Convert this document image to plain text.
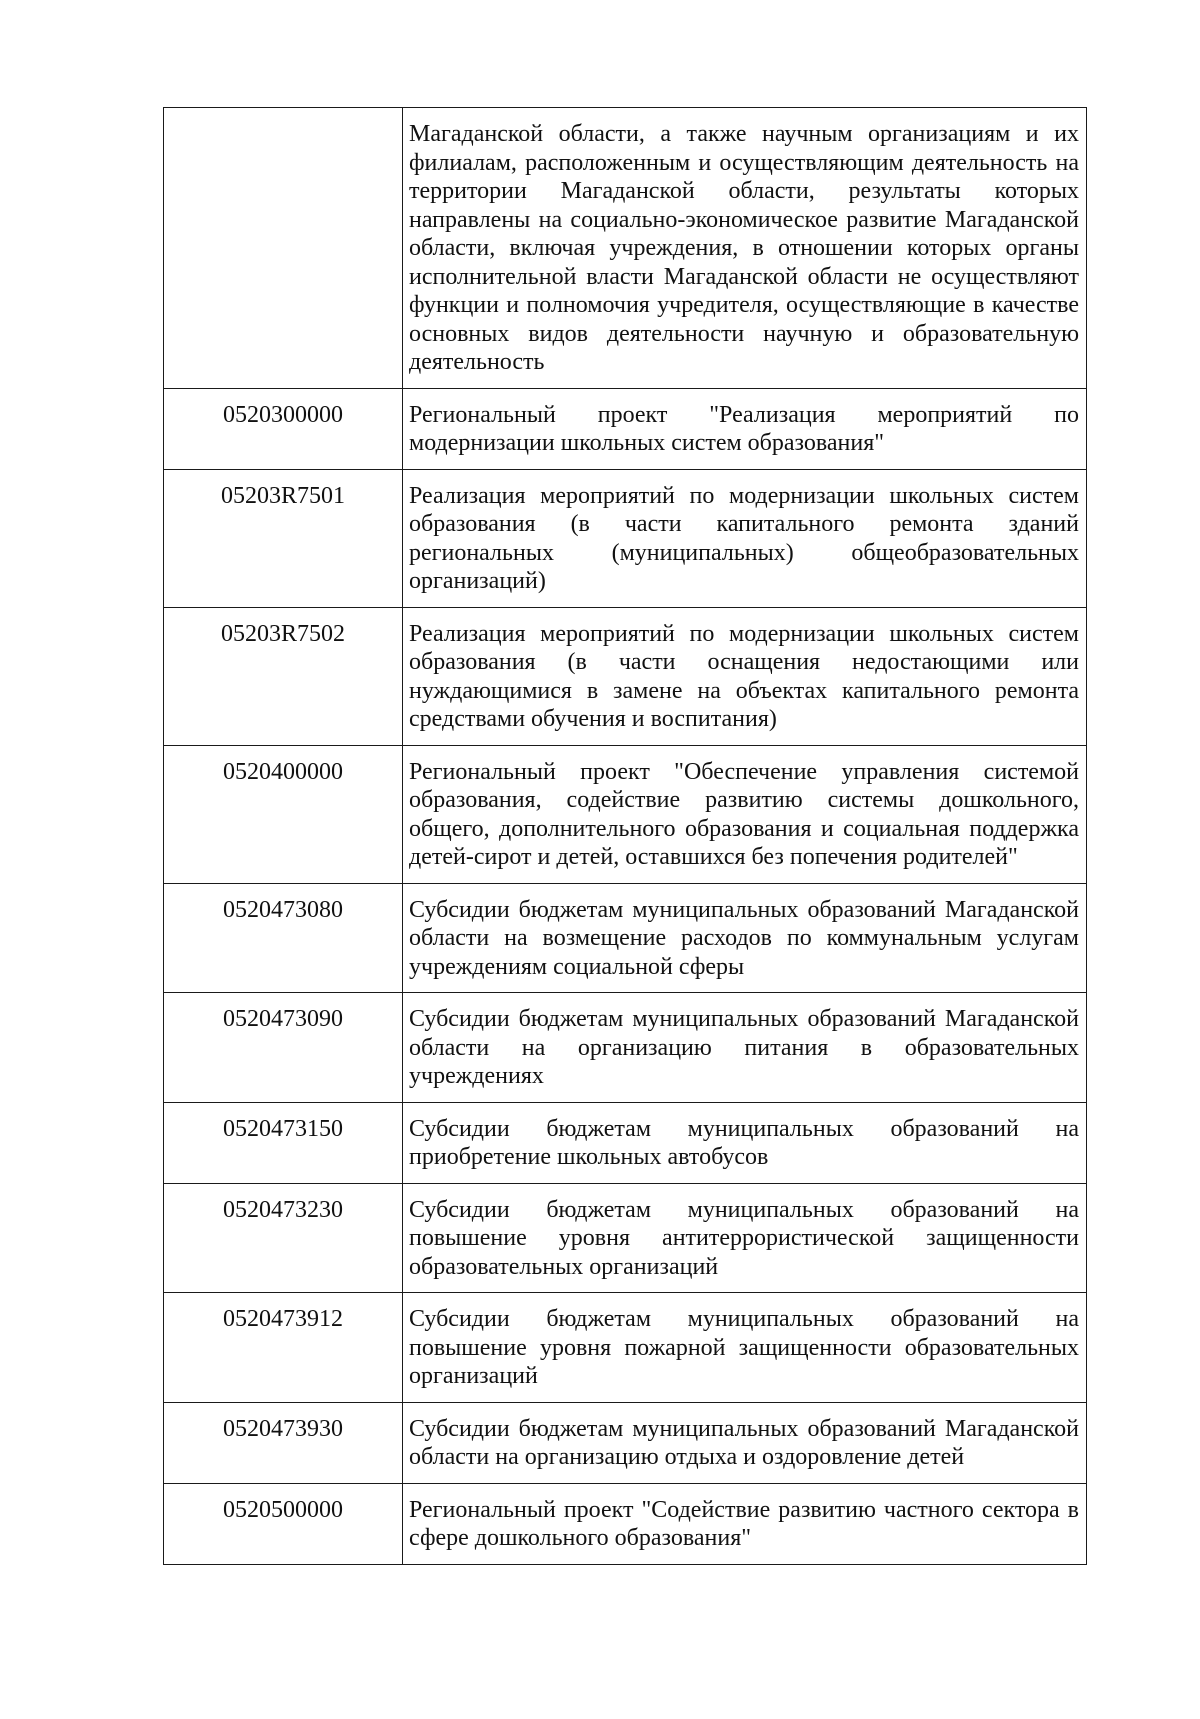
	Магаданской области, а также научным организациям и их филиалам, расположенным и осуществляющим деятельность на территории Магаданской области, результаты которых направлены на социально-экономическое развитие Магаданской области, включая учреждения, в отношении которых органы исполнительной власти Магаданской области не осуществляют функции и полномочия учредителя, осуществляющие в качестве основных видов деятельности научную и образовательную деятельность
0520300000	Региональный проект "Реализация мероприятий по модернизации школьных систем образования"
05203R7501	Реализация мероприятий по модернизации школьных систем образования (в части капитального ремонта зданий региональных (муниципальных) общеобразовательных организаций)
05203R7502	Реализация мероприятий по модернизации школьных систем образования (в части оснащения недостающими или нуждающимися в замене на объектах капитального ремонта средствами обучения и воспитания)
0520400000	Региональный проект "Обеспечение управления системой образования, содействие развитию системы дошкольного, общего, дополнительного образования и социальная поддержка детей-сирот и детей, оставшихся без попечения родителей"
0520473080	Субсидии бюджетам муниципальных образований Магаданской области на возмещение расходов по коммунальным услугам учреждениям социальной сферы
0520473090	Субсидии бюджетам муниципальных образований Магаданской области на организацию питания в образовательных учреждениях
0520473150	Субсидии бюджетам муниципальных образований на приобретение школьных автобусов
0520473230	Субсидии бюджетам муниципальных образований на повышение уровня антитеррористической защищенности образовательных организаций
0520473912	Субсидии бюджетам муниципальных образований на повышение уровня пожарной защищенности образовательных организаций
0520473930	Субсидии бюджетам муниципальных образований Магаданской области на организацию отдыха и оздоровление детей
0520500000	Региональный проект "Содействие развитию частного сектора в сфере дошкольного образования"
